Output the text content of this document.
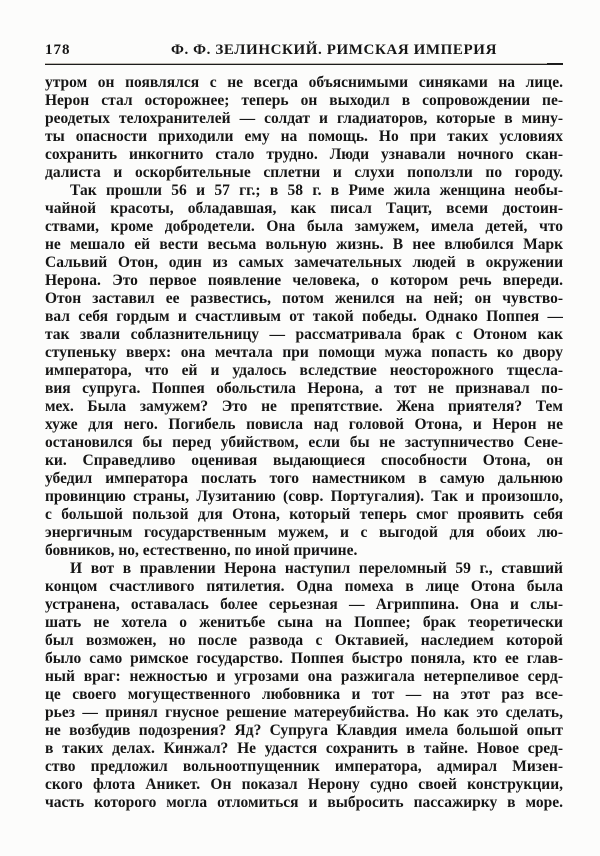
178	Ф. Ф. ЗЕЛИНСКИЙ. РИМСКАЯ ИМПЕРИЯ
утром он появлялся с не всегда объяснимыми синяками на лице.
Нерон стал осторожнее; теперь он выходил в сопровождении пе-
реодетых телохранителей — солдат и гладиаторов, которые в мину-
ты опасности приходили ему на помощь. Но при таких условиях
сохранить инкогнито стало трудно. Люди узнавали ночного скан-
далиста и оскорбительные сплетни и слухи поползли по городу.
Так прошли 56 и 57 гг.; в 58 г. в Риме жила женщина необы-
чайной красоты, обладавшая, как писал Тацит, всеми достоин-
ствами, кроме добродетели. Она была замужем, имела детей, что
не мешало ей вести весьма вольную жизнь. В нее влюбился Марк
Сальвий Отон, один из самых замечательных людей в окружении
Нерона. Это первое появление человека, о котором речь впереди.
Отон заставил ее развестись, потом женился на ней; он чувство-
вал себя гордым и счастливым от такой победы. Однако Поппея —
так звали соблазнительницу — рассматривала брак с Отоном как
ступеньку вверх: она мечтала при помощи мужа попасть ко двору
императора, что ей и удалось вследствие неосторожного тщесла-
вия супруга. Поппея обольстила Нерона, а тот не признавал по-
мех. Была замужем? Это не препятствие. Жена приятеля? Тем
хуже для него. Погибель повисла над головой Отона, и Нерон не
остановился бы перед убийством, если бы не заступничество Сене-
ки. Справедливо оценивая выдающиеся способности Отона, он
убедил императора послать того наместником в самую дальнюю
провинцию страны, Лузитанию (совр. Португалия). Так и произошло,
с большой пользой для Отона, который теперь смог проявить себя
энергичным государственным мужем, и с выгодой для обоих лю-
бовников, но, естественно, по иной причине.
И вот в правлении Нерона наступил переломный 59 г., ставший
концом счастливого пятилетия. Одна помеха в лице Отона была
устранена, оставалась более серьезная — Агриппина. Она и слы-
шать не хотела о женитьбе сына на Поппее; брак теоретически
был возможен, но после развода с Октавией, наследием которой
было само римское государство. Поппея быстро поняла, кто ее глав-
ный враг: нежностью и угрозами она разжигала нетерпеливое серд-
це своего могущественного любовника и тот — на этот раз все-
рьез — принял гнусное решение матереубийства. Но как это сделать,
не возбудив подозрения? Яд? Супруга Клавдия имела большой опыт
в таких делах. Кинжал? Не удастся сохранить в тайне. Новое сред-
ство предложил вольноотпущенник императора, адмирал Мизен-
ского флота Аникет. Он показал Нерону судно своей конструкции,
часть которого могла отломиться и выбросить пассажирку в море.
